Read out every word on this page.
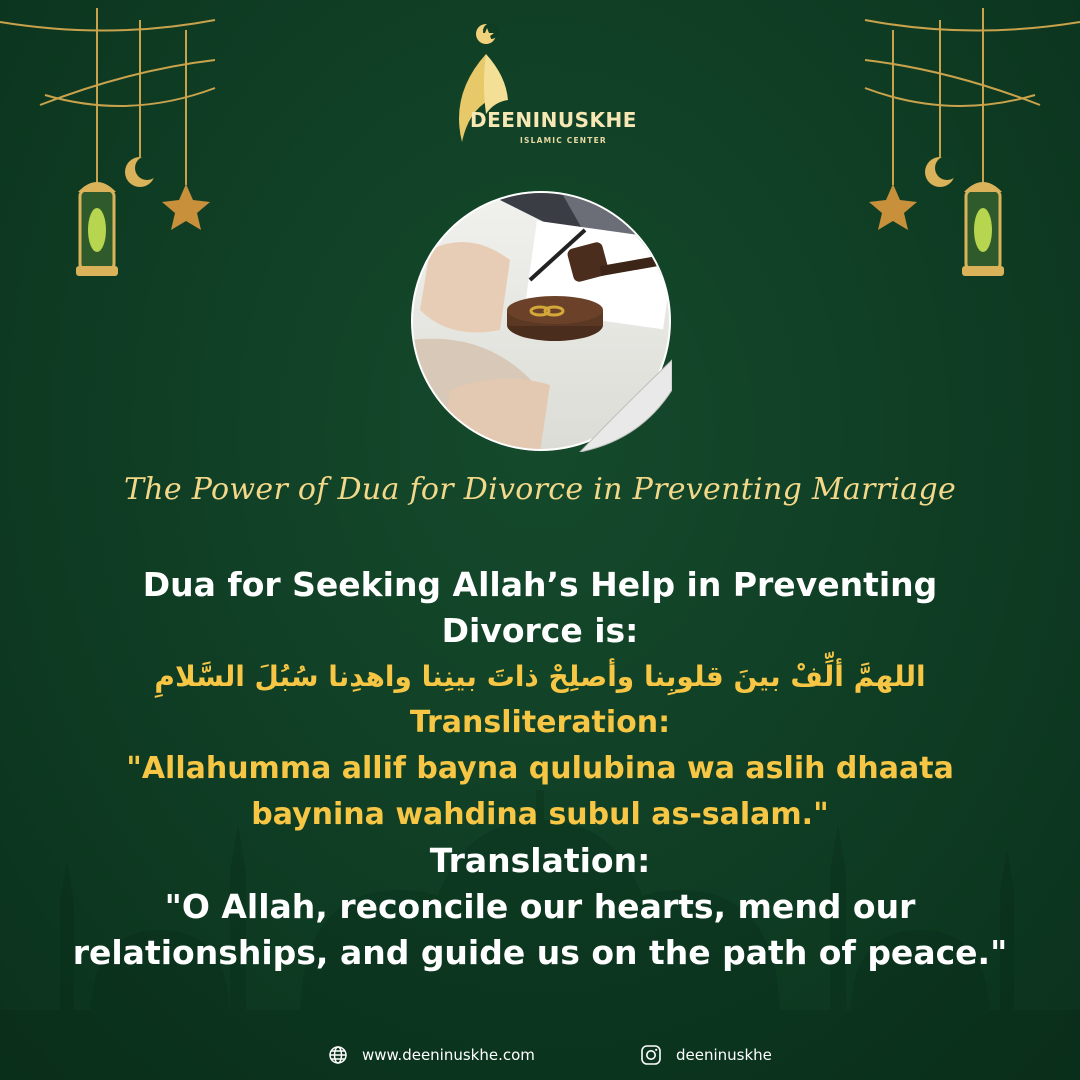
DEENINUSKHE
ISLAMIC CENTER
The Power of Dua for Divorce in Preventing Marriage
Dua for Seeking Allah’s Help in Preventing
Divorce is:
اللهمَّ ألِّفْ بينَ قلوبِنا وأصلِحْ ذاتَ بينِنا واهدِنا سُبُلَ السَّلامِ
Transliteration:
"Allahumma allif bayna qulubina wa aslih dhaata
baynina wahdina subul as-salam."
Translation:
"O Allah, reconcile our hearts, mend our
relationships, and guide us on the path of peace."
www.deeninuskhe.com	deeninuskhe
